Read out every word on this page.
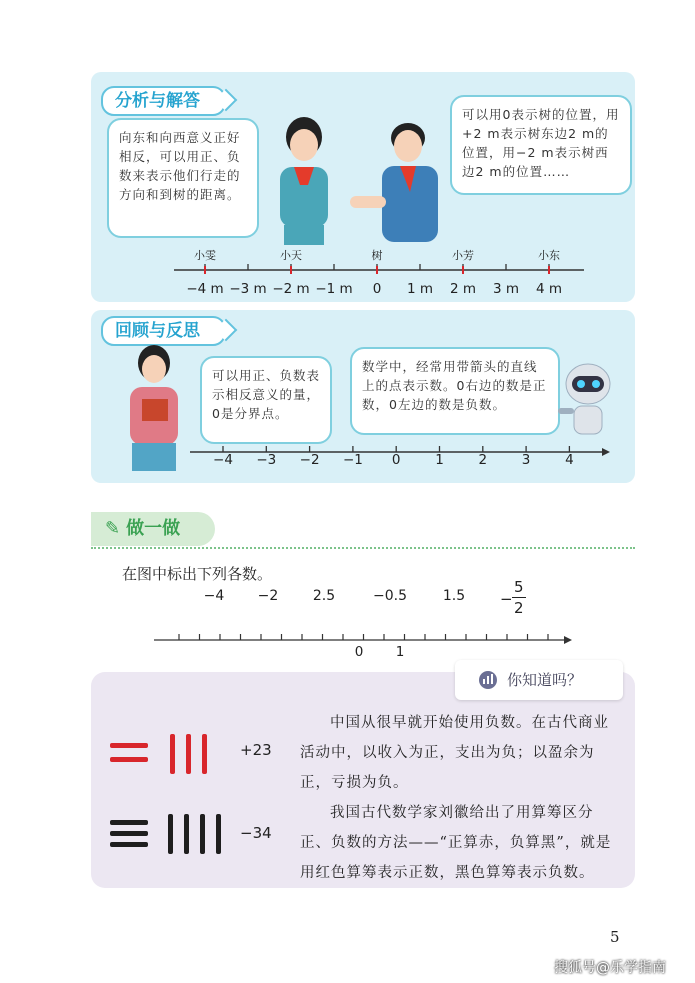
分析与解答
向东和向西意义正好相反，可以用正、负数来表示他们行走的方向和到树的距离。
可以用0表示树的位置，用+2 m表示树东边2 m的位置，用−2 m表示树西边2 m的位置……
小雯	小天	树	小芳	小东
−4 m −3 m −2 m −1 m 0 1 m 2 m 3 m 4 m
回顾与反思
可以用正、负数表示相反意义的量，0是分界点。
数学中，经常用带箭头的直线上的点表示数。0右边的数是正数，0左边的数是负数。
−4 −3 −2 −1 0	1	2	3	4
✎ 做一做
在图中标出下列各数。
−4 −2 2.5	−0.5	1.5 −
5
2
0 1
你知道吗？
+23
−34
中国从很早就开始使用负数。在古代商业活动中，以收入为正，支出为负；以盈余为正，亏损为负。
我国古代数学家刘徽给出了用算筹区分正、负数的方法——“正算赤，负算黑”，就是用红色算筹表示正数，黑色算筹表示负数。
5
搜狐号@乐学指南
